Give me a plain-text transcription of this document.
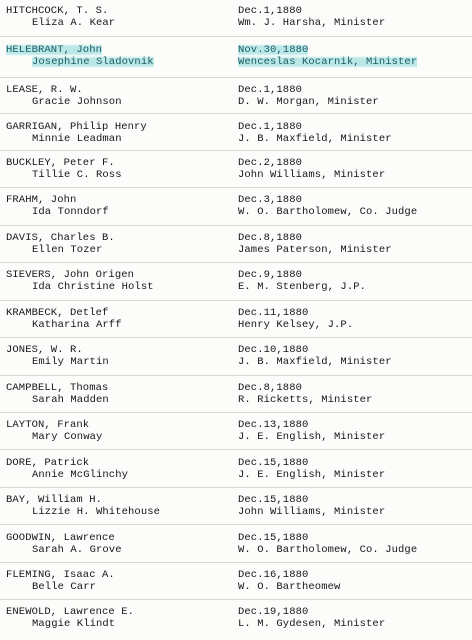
HITCHCOCK, T. S.
Eliza A. Kear
Dec.1,1880
Wm. J. Harsha, Minister
HELEBRANT, John
Josephine Sladovnik
Nov.30,1880
Wenceslas Kocarnik, Minister
LEASE, R. W.
Gracie Johnson
Dec.1,1880
D. W. Morgan, Minister
GARRIGAN, Philip Henry
Minnie Leadman
Dec.1,1880
J. B. Maxfield, Minister
BUCKLEY, Peter F.
Tillie C. Ross
Dec.2,1880
John Williams, Minister
FRAHM, John
Ida Tonndorf
Dec.3,1880
W. O. Bartholomew, Co. Judge
DAVIS, Charles B.
Ellen Tozer
Dec.8,1880
James Paterson, Minister
SIEVERS, John Origen
Ida Christine Holst
Dec.9,1880
E. M. Stenberg, J.P.
KRAMBECK, Detlef
Katharina Arff
Dec.11,1880
Henry Kelsey, J.P.
JONES, W. R.
Emily Martin
Dec.10,1880
J. B. Maxfield, Minister
CAMPBELL, Thomas
Sarah Madden
Dec.8,1880
R. Ricketts, Minister
LAYTON, Frank
Mary Conway
Dec.13,1880
J. E. English, Minister
DORE, Patrick
Annie McGlinchy
Dec.15,1880
J. E. English, Minister
BAY, William H.
Lizzie H. Whitehouse
Dec.15,1880
John Williams, Minister
GOODWIN, Lawrence
Sarah A. Grove
Dec.15,1880
W. O. Bartholomew, Co. Judge
FLEMING, Isaac A.
Belle Carr
Dec.16,1880
W. O. Bartheomew
ENEWOLD, Lawrence E.
Maggie Klindt
Dec.19,1880
L. M. Gydesen, Minister
